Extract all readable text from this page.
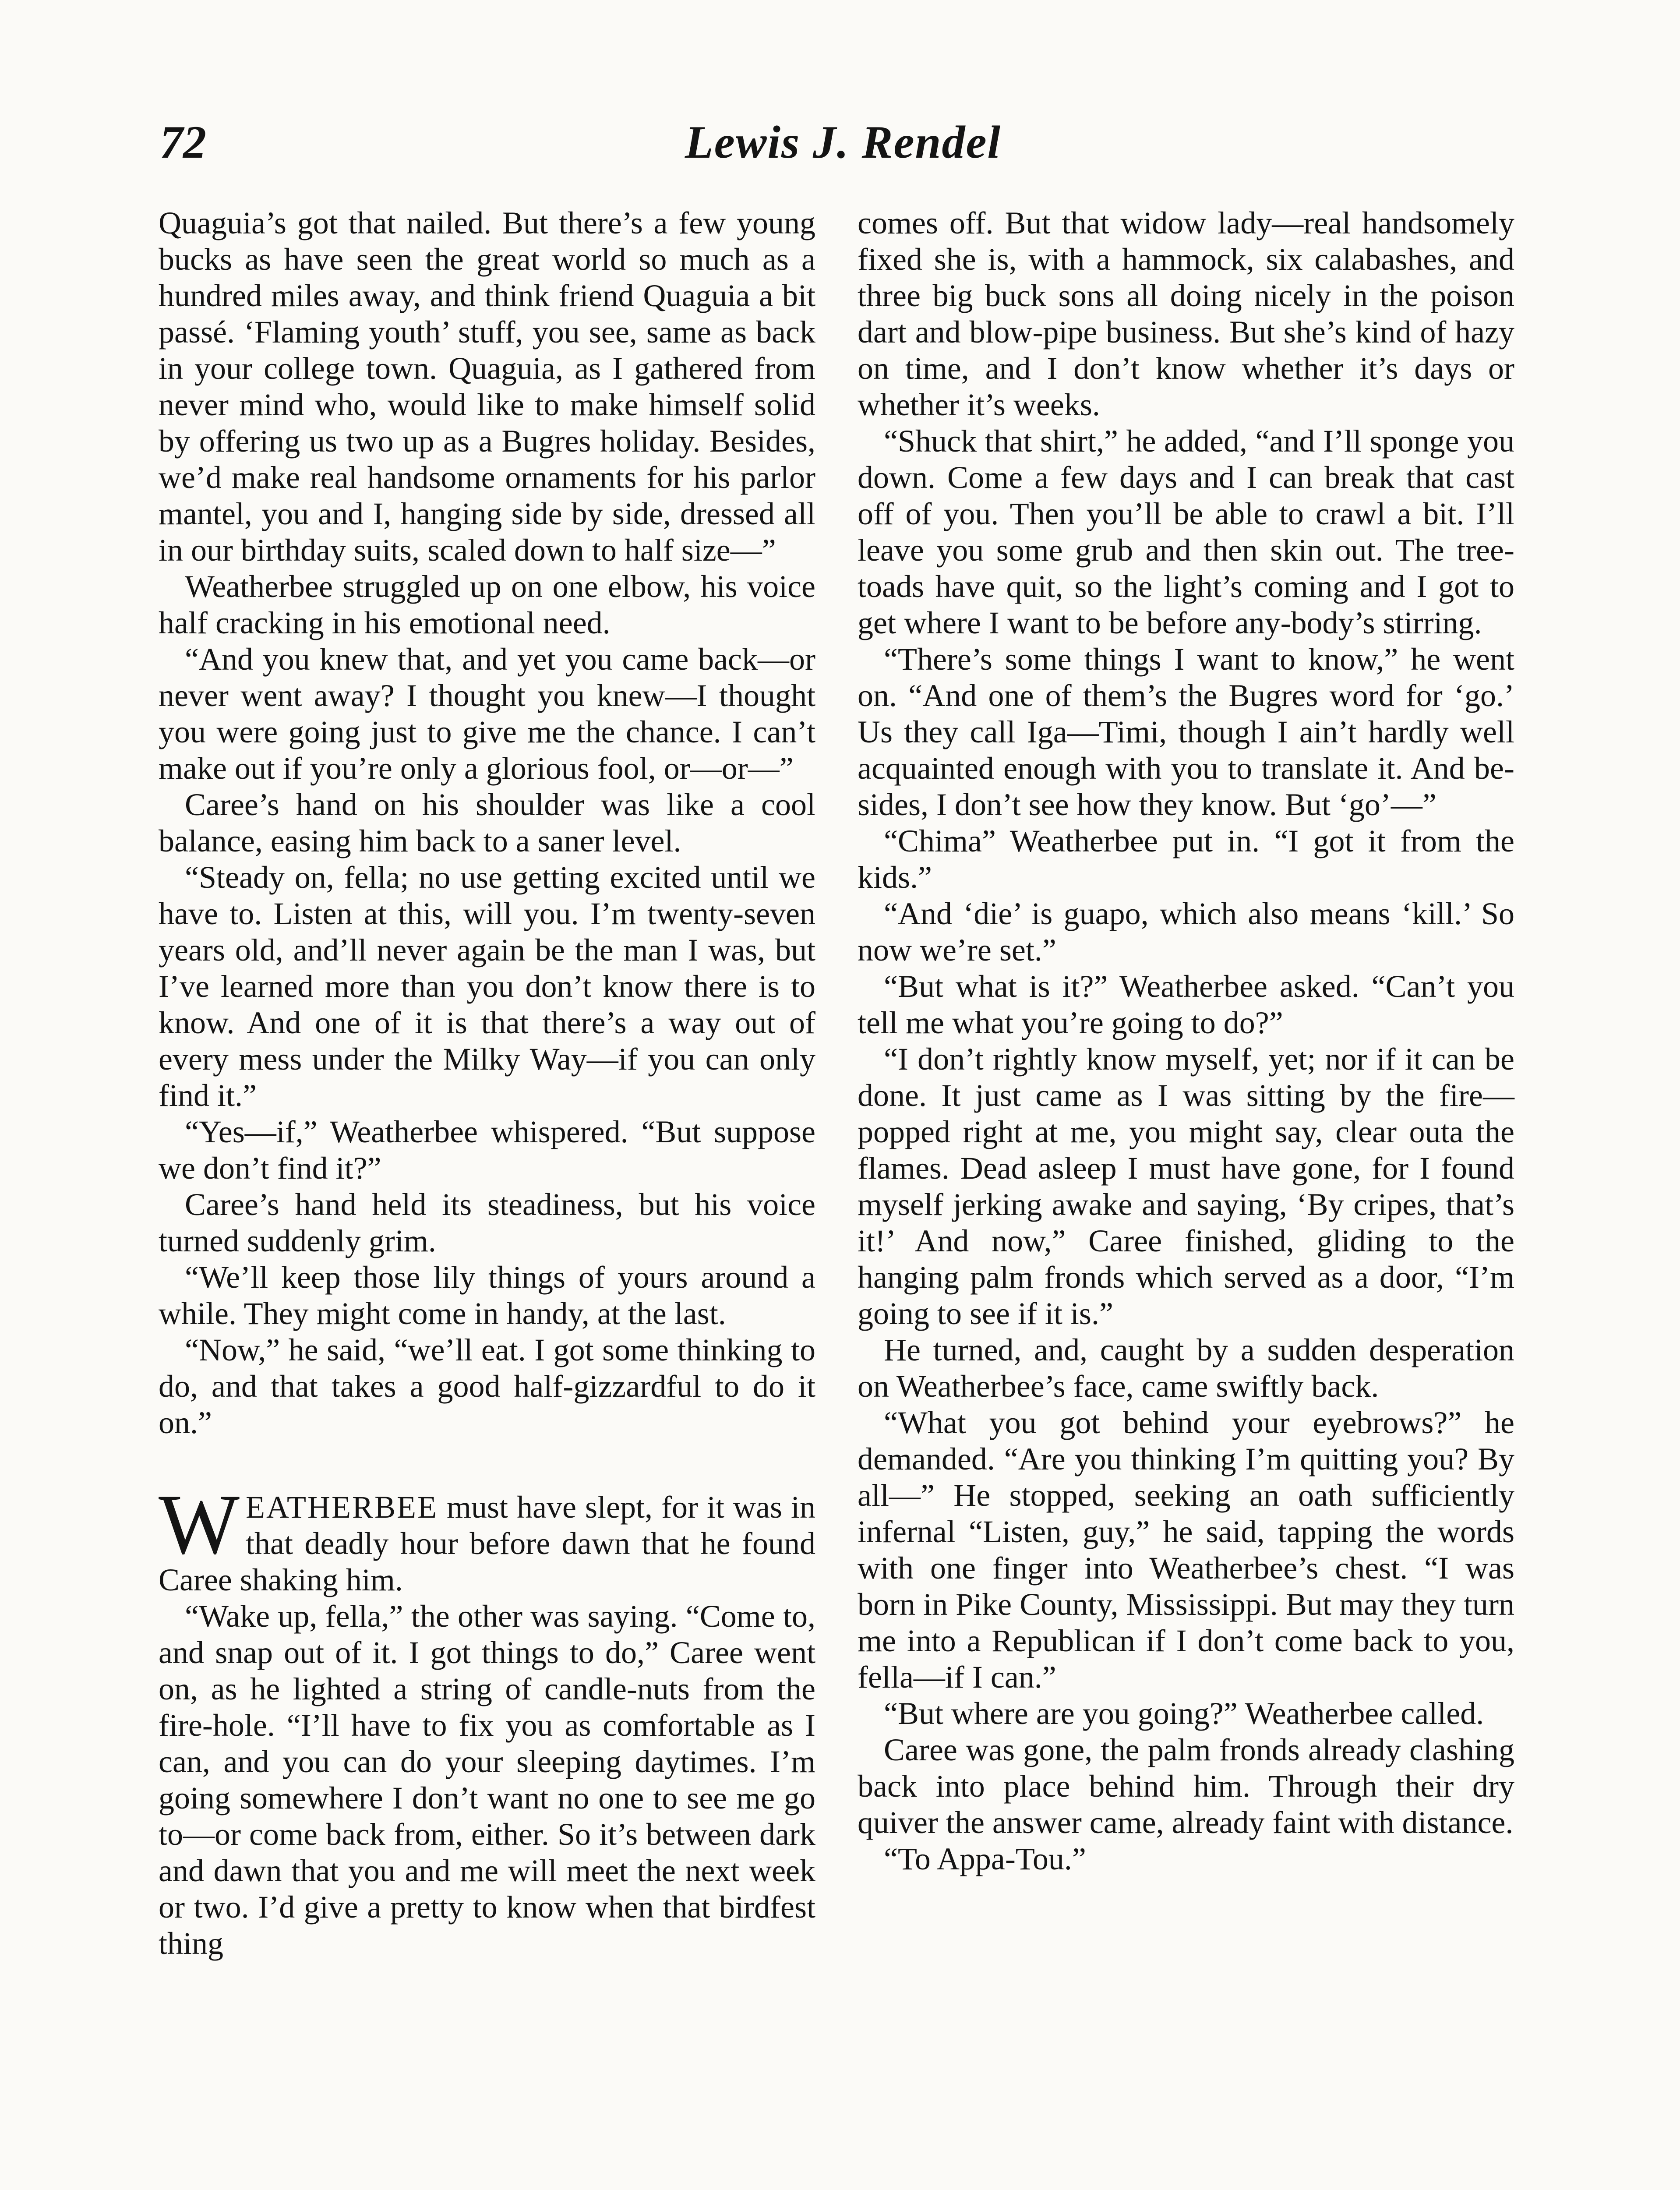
72	Lewis J. Rendel

Quaguia’s got that nailed. But there’s a few young bucks as have seen the great world so much as a hundred miles away, and think friend Quaguia a bit passé. ‘Flaming youth’ stuff, you see, same as back in your college town. Quaguia, as I gathered from never mind who, would like to make himself solid by offering us two up as a Bugres holiday. Besides, we’d make real handsome ornaments for his parlor mantel, you and I, hanging side by side, dressed all in our birthday suits, scaled down to half size—”

Weatherbee struggled up on one elbow, his voice half cracking in his emotional need.

“And you knew that, and yet you came back—or never went away? I thought you knew—I thought you were going just to give me the chance. I can’t make out if you’re only a glorious fool, or—or—”

Caree’s hand on his shoulder was like a cool balance, easing him back to a saner level.

“Steady on, fella; no use getting excited until we have to. Listen at this, will you. I’m twenty-seven years old, and’ll never again be the man I was, but I’ve learned more than you don’t know there is to know. And one of it is that there’s a way out of every mess under the Milky Way—if you can only find it.”

“Yes—if,” Weatherbee whispered. “But suppose we don’t find it?”

Caree’s hand held its steadiness, but his voice turned suddenly grim.

“We’ll keep those lily things of yours around a while. They might come in handy, at the last.

“Now,” he said, “we’ll eat. I got some thinking to do, and that takes a good half-gizzardful to do it on.”

WEATHERBEE must have slept, for it was in that deadly hour before dawn that he found Caree shaking him.

“Wake up, fella,” the other was saying. “Come to, and snap out of it. I got things to do,” Caree went on, as he lighted a string of candle-nuts from the fire-hole. “I’ll have to fix you as comfortable as I can, and you can do your sleeping daytimes. I’m going somewhere I don’t want no one to see me go to—or come back from, either. So it’s between dark and dawn that you and me will meet the next week or two. I’d give a pretty to know when that birdfest thing

comes off. But that widow lady—real handsomely fixed she is, with a hammock, six calabashes, and three big buck sons all doing nicely in the poison dart and blow-pipe business. But she’s kind of hazy on time, and I don’t know whether it’s days or whether it’s weeks.

“Shuck that shirt,” he added, “and I’ll sponge you down. Come a few days and I can break that cast off of you. Then you’ll be able to crawl a bit. I’ll leave you some grub and then skin out. The tree-toads have quit, so the light’s coming and I got to get where I want to be before any-body’s stirring.

“There’s some things I want to know,” he went on. “And one of them’s the Bugres word for ‘go.’ Us they call Iga—Timi, though I ain’t hardly well acquainted enough with you to translate it. And be-sides, I don’t see how they know. But ‘go’—”

“Chima” Weatherbee put in. “I got it from the kids.”

“And ‘die’ is guapo, which also means ‘kill.’ So now we’re set.”

“But what is it?” Weatherbee asked. “Can’t you tell me what you’re going to do?”

“I don’t rightly know myself, yet; nor if it can be done. It just came as I was sitting by the fire—popped right at me, you might say, clear outa the flames. Dead asleep I must have gone, for I found myself jerking awake and saying, ‘By cripes, that’s it!’ And now,” Caree finished, gliding to the hanging palm fronds which served as a door, “I’m going to see if it is.”

He turned, and, caught by a sudden desperation on Weatherbee’s face, came swiftly back.

“What you got behind your eyebrows?” he demanded. “Are you thinking I’m quitting you? By all—” He stopped, seeking an oath sufficiently infernal “Listen, guy,” he said, tapping the words with one finger into Weatherbee’s chest. “I was born in Pike County, Mississippi. But may they turn me into a Republican if I don’t come back to you, fella—if I can.”

“But where are you going?” Weatherbee called.

Caree was gone, the palm fronds already clashing back into place behind him. Through their dry quiver the answer came, already faint with distance.

“To Appa-Tou.”
